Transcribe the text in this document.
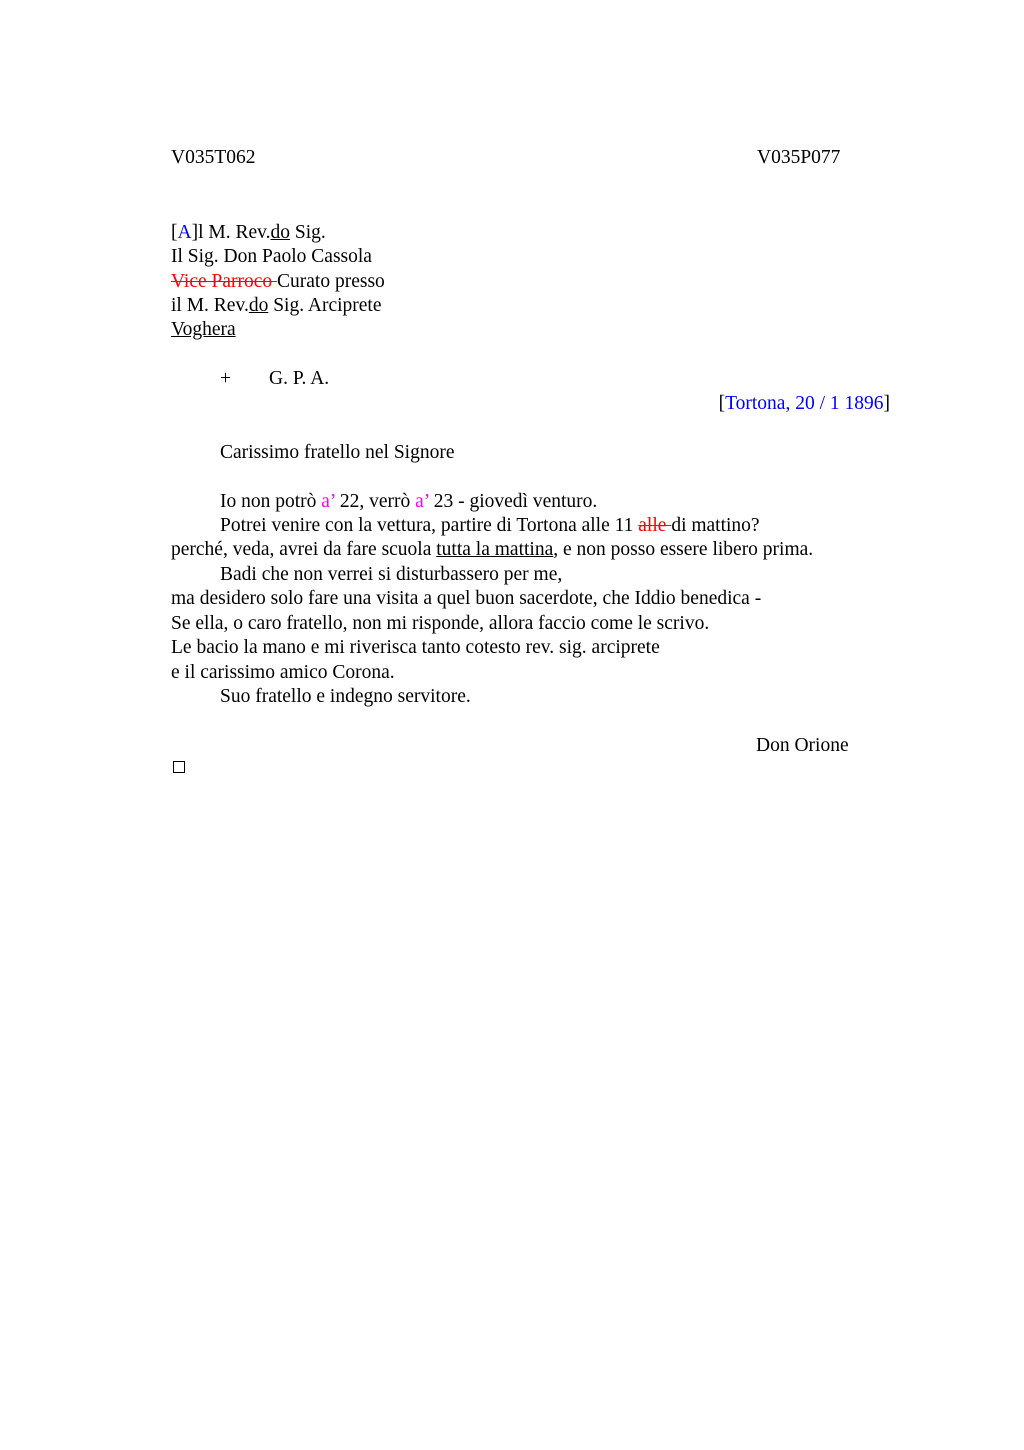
V035T062	V035P077
[A]l M. Rev.do Sig.
Il Sig. Don Paolo Cassola
Vice Parroco Curato presso
il M. Rev.do Sig. Arciprete
Voghera
+ G. P. A.
[Tortona, 20 / 1 1896]
Carissimo fratello nel Signore
Io non potrò a’ 22, verrò a’ 23 - giovedì venturo.
Potrei venire con la vettura, partire di Tortona alle 11 alle di mattino?
perché, veda, avrei da fare scuola tutta la mattina, e non posso essere libero prima.
Badi che non verrei si disturbassero per me,
ma desidero solo fare una visita a quel buon sacerdote, che Iddio benedica -
Se ella, o caro fratello, non mi risponde, allora faccio come le scrivo.
Le bacio la mano e mi riverisca tanto cotesto rev. sig. arciprete
e il carissimo amico Corona.
Suo fratello e indegno servitore.
Don Orione
